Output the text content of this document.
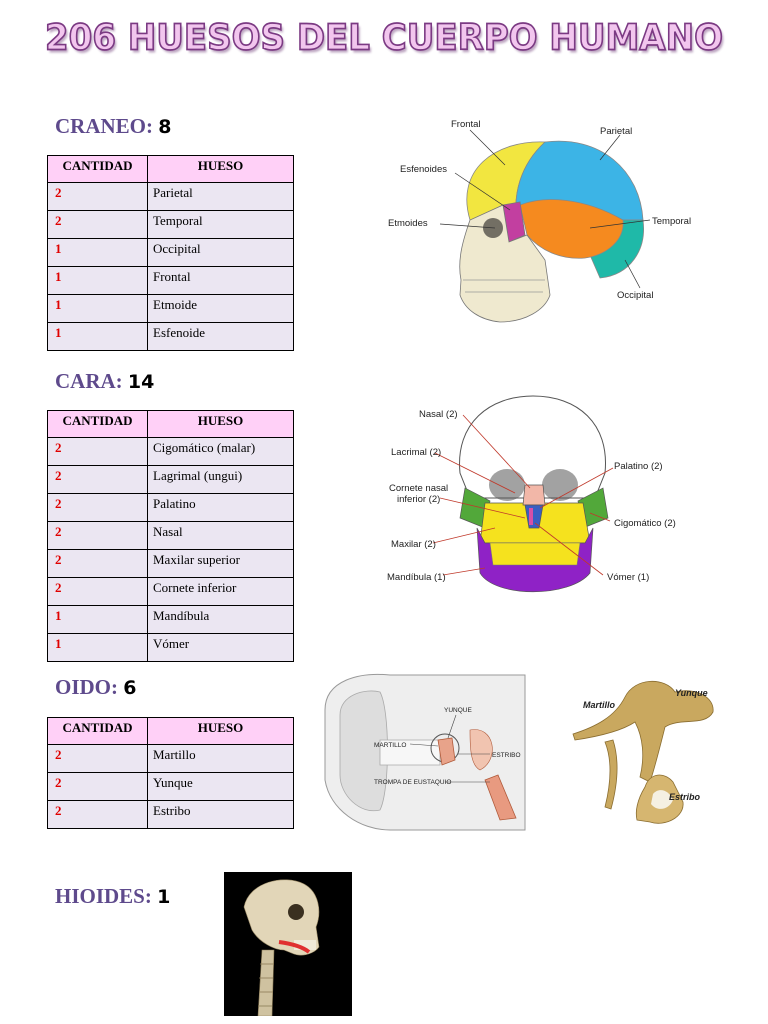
206 HUESOS DEL CUERPO HUMANO
CRANEO: 8
CANTIDAD	HUESO
2	Parietal
2	Temporal
1	Occipital
1	Frontal
1	Etmoide
1	Esfenoide
Frontal
Parietal
Esfenoides
Etmoides	Temporal
Occipital
CARA: 14
CANTIDAD	HUESO
2	Cigomático (malar)
2	Lagrimal (ungui)
2	Palatino
2	Nasal
2	Maxilar superior
2	Cornete inferior
1	Mandíbula
1	Vómer
Nasal (2)
Lacrimal (2)
Palatino (2)
Cornete nasal
inferior (2)
Cigomático (2)
Maxilar (2)
Mandíbula (1)	Vómer (1)
OIDO: 6
CANTIDAD	HUESO
2	Martillo
2	Yunque
2	Estribo
YUNQUE
MARTILLO
ESTRIBO
TROMPA DE EUSTAQUIO
Martillo
Yunque
Estribo
HIOIDES: 1
